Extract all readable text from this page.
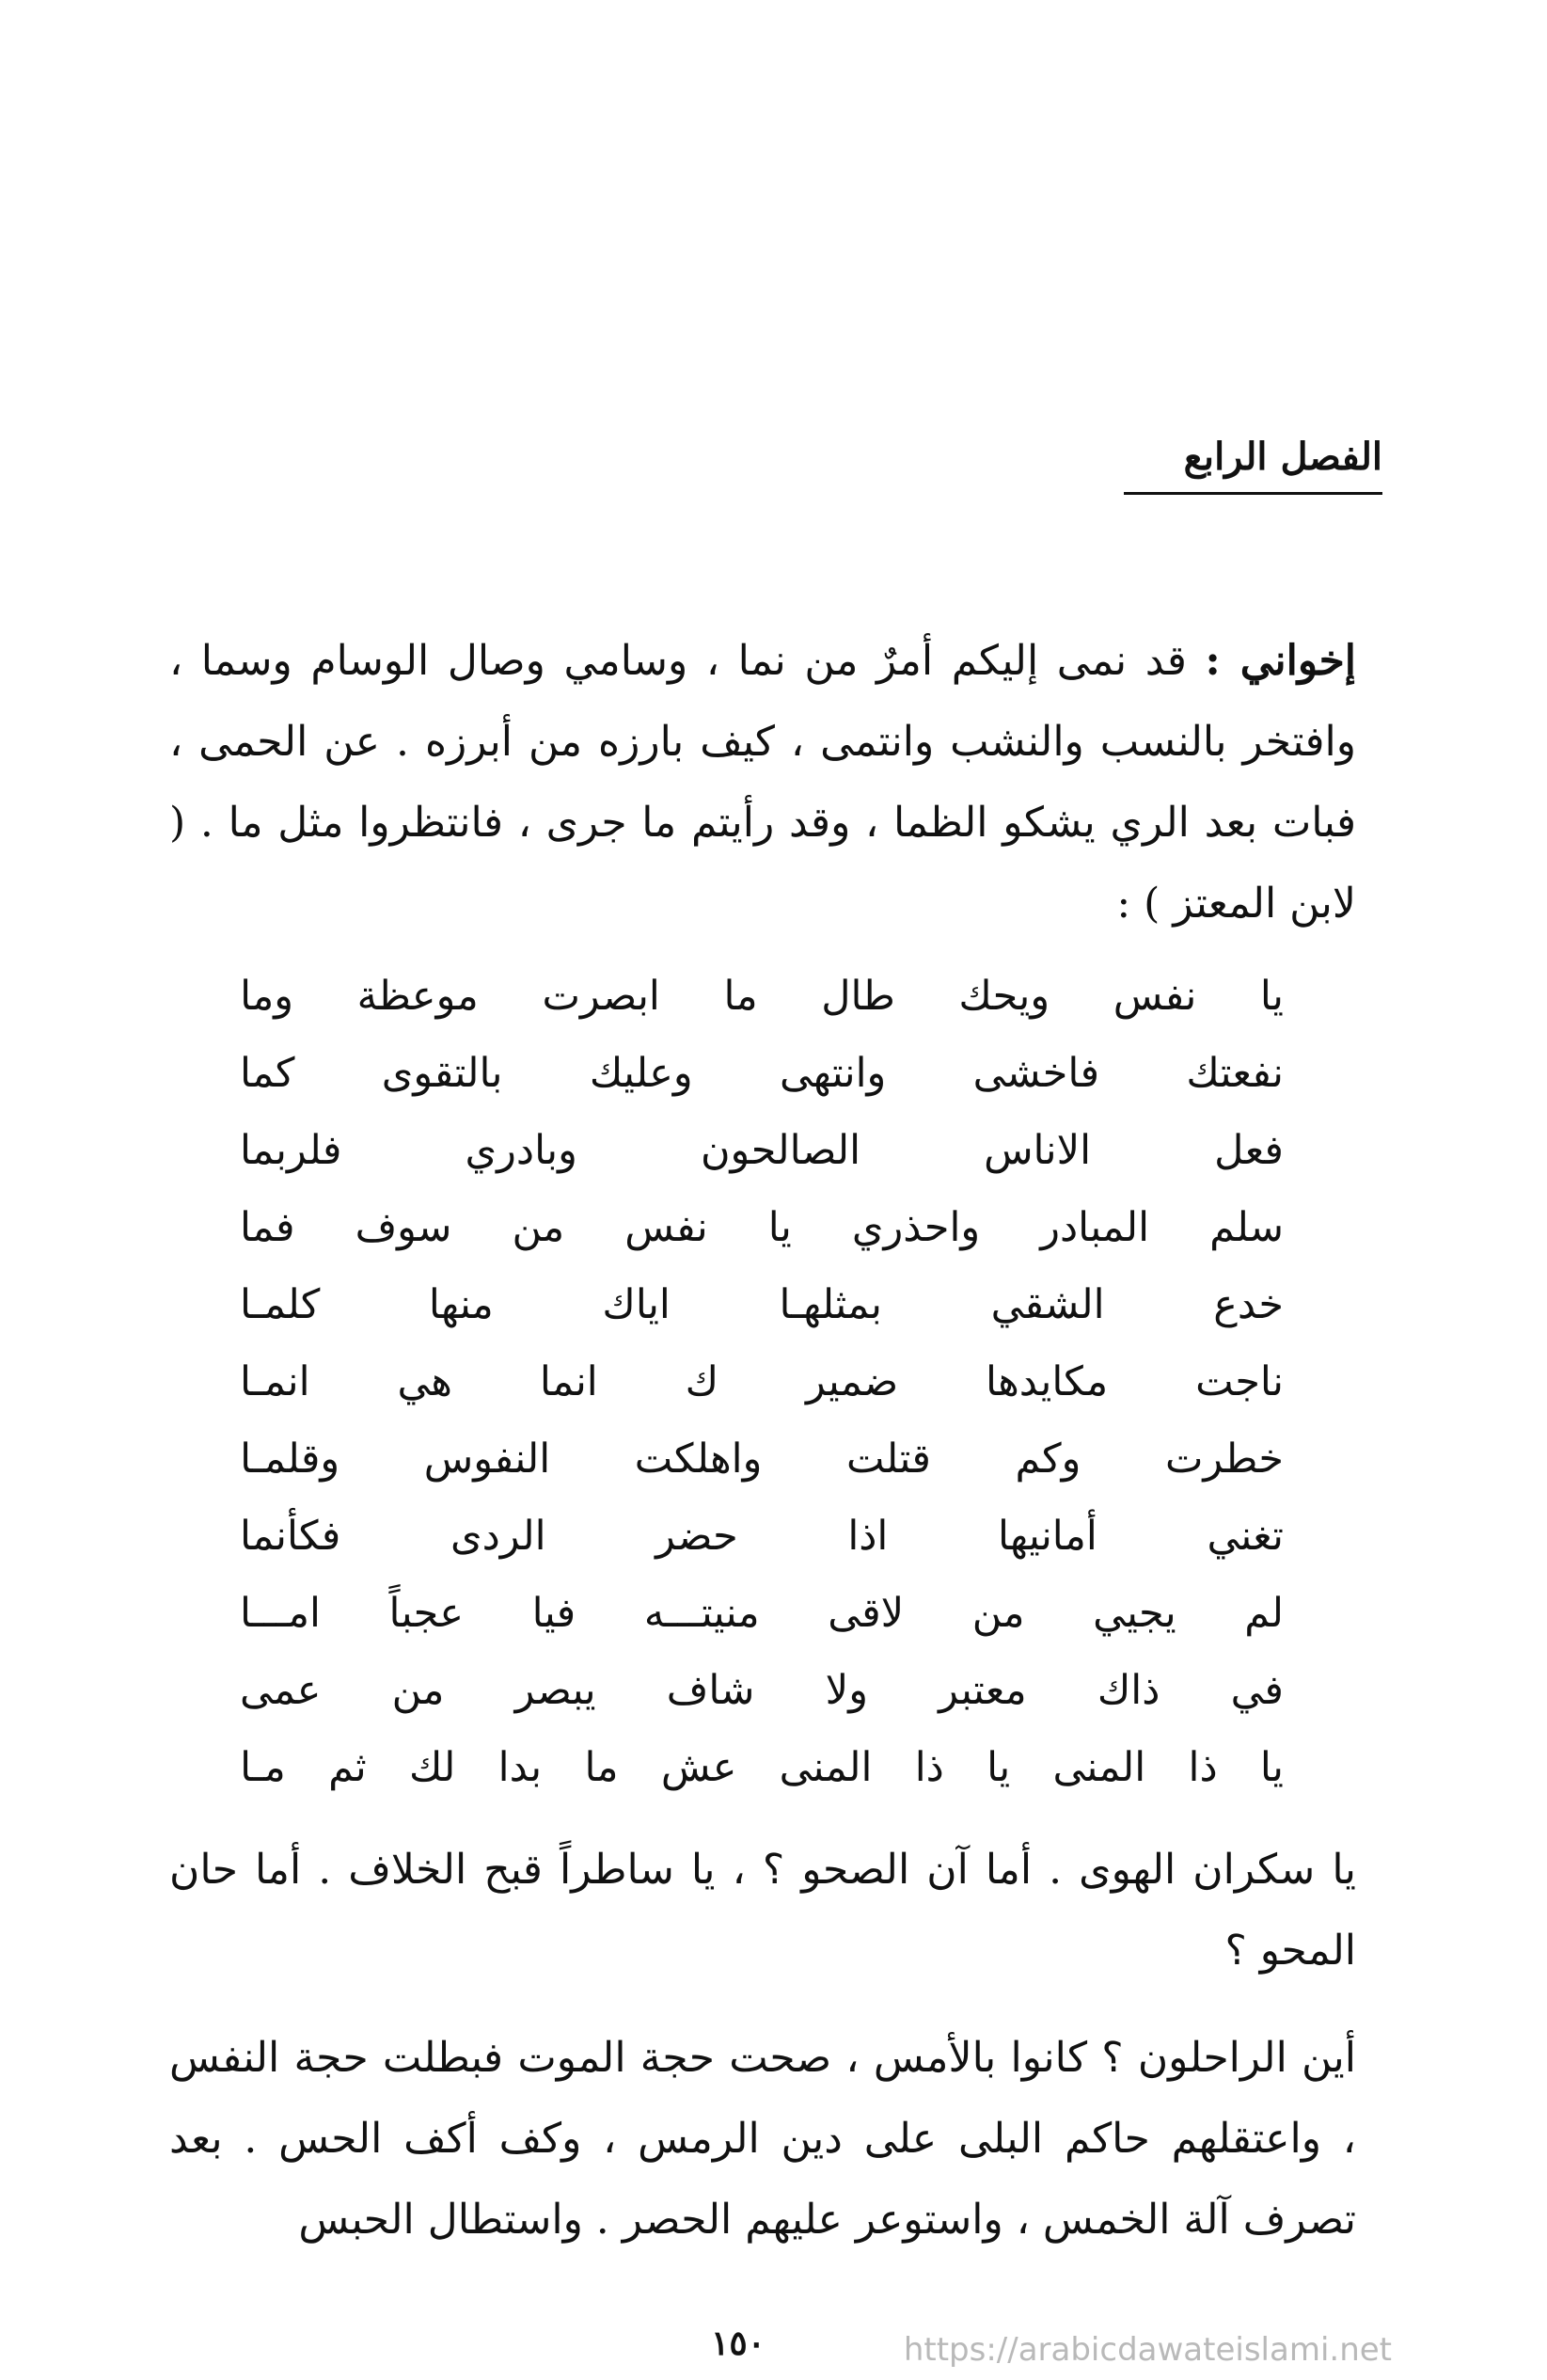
الفصل الرابع

إخواني : قد نمى إليكم أمرٌ من نما ، وسامي وصال الوسام وسما ، وافتخر بالنسب والنشب وانتمى ، كيف بارزه من أبرزه . عن الحمى ، فبات بعد الري يشكو الظما ، وقد رأيتم ما جرى ، فانتظروا مثل ما . ( لابن المعتز ) :

يا
نفس
ويحك
طال
ما
ابصرت
موعظة
وما
نفعتك
فاخشى
وانتهى
وعليك
بالتقوى
كما
فعل
الاناس
الصالحون
وبادري
فلربما
سلم
المبادر
واحذري
يا
نفس
من
سوف
فما
خدع
الشقي
بمثلهـا
اياك
منها
كلمـا
ناجت
مكايدها
ضمير
ك
انما
هي
انمـا
خطرت
وكم
قتلت
واهلكت
النفوس
وقلمـا
تغني
أمانيها
اذا
حضر
الردى
فكأنما
لم
يجيي
من
لاقى
منيتـــه
فيا
عجباً
امـــا
في
ذاك
معتبر
ولا
شاف
يبصر
من
عمى
يا
ذا
المنى
يا
ذا
المنى
عش
ما
بدا
لك
ثم
مـا

يا سكران الهوى . أما آن الصحو ؟ ، يا ساطراً قبح الخلاف . أما حان المحو ؟

أين الراحلون ؟ كانوا بالأمس ، صحت حجة الموت فبطلت حجة النفس ، واعتقلهم حاكم البلى على دين الرمس ، وكف أكف الحس . بعد تصرف آلة الخمس ، واستوعر عليهم الحصر . واستطال الحبس

١٥٠	https://arabicdawateislami.net
